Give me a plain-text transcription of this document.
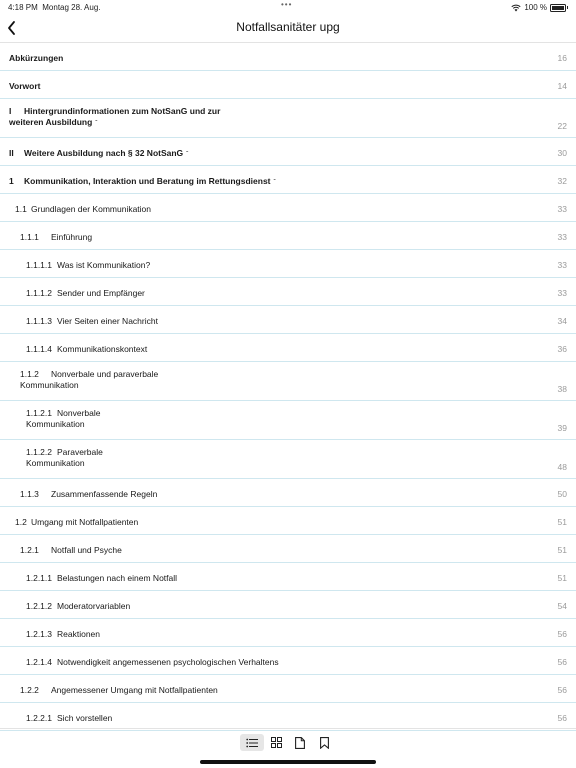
4:18 PM Montag 28. Aug.	•••	100 %
Notfallsanitäter upg
Abkürzungen	16
Vorwort	14
I Hintergrundinformationen zum NotSanG und zur
weiteren Ausbildung ˇ	22
II Weitere Ausbildung nach § 32 NotSanG ˇ	30
1 Kommunikation, Interaktion und Beratung im Rettungsdienst ˇ	32
1.1 Grundlagen der Kommunikation	33
1.1.1 Einführung	33
1.1.1.1 Was ist Kommunikation?	33
1.1.1.2 Sender und Empfänger	33
1.1.1.3 Vier Seiten einer Nachricht	34
1.1.1.4 Kommunikationskontext	36
1.1.2 Nonverbale und paraverbale
Kommunikation	38
1.1.2.1 Nonverbale
Kommunikation	39
1.1.2.2 Paraverbale
Kommunikation	48
1.1.3 Zusammenfassende Regeln	50
1.2 Umgang mit Notfallpatienten	51
1.2.1 Notfall und Psyche	51
1.2.1.1 Belastungen nach einem Notfall	51
1.2.1.2 Moderatorvariablen	54
1.2.1.3 Reaktionen	56
1.2.1.4 Notwendigkeit angemessenen psychologischen Verhaltens	56
1.2.2 Angemessener Umgang mit Notfallpatienten	56
1.2.2.1 Sich vorstellen	56
